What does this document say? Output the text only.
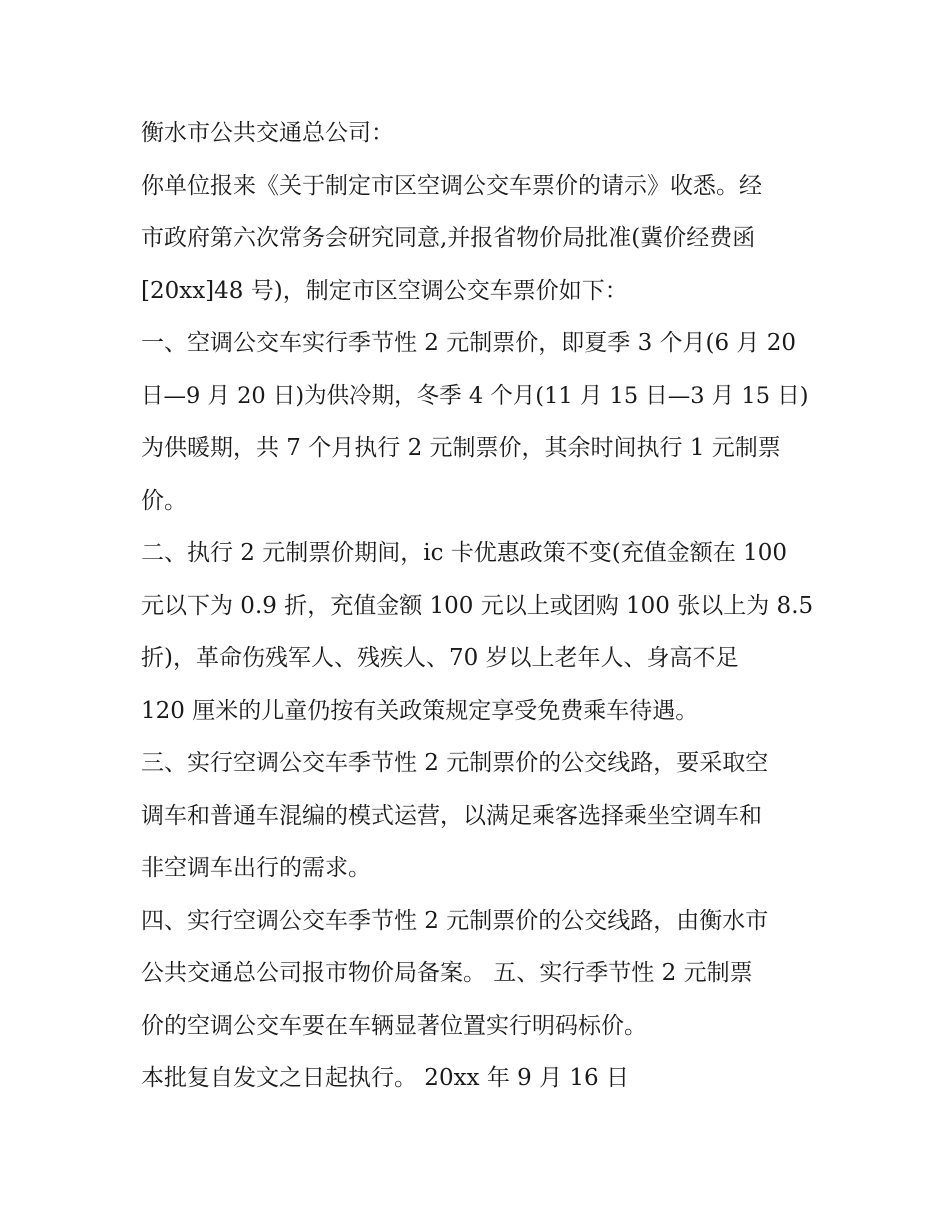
衡水市公共交通总公司：
你单位报来《关于制定市区空调公交车票价的请示》收悉。经
市政府第六次常务会研究同意,并报省物价局批准(冀价经费函
[20xx]48 号)，制定市区空调公交车票价如下：
一、空调公交车实行季节性 2 元制票价，即夏季 3 个月(6 月 20
日—9 月 20 日)为供冷期，冬季 4 个月(11 月 15 日—3 月 15 日)
为供暖期，共 7 个月执行 2 元制票价，其余时间执行 1 元制票
价。
二、执行 2 元制票价期间，ic 卡优惠政策不变(充值金额在 100
元以下为 0.9 折，充值金额 100 元以上或团购 100 张以上为 8.5
折)，革命伤残军人、残疾人、70 岁以上老年人、身高不足
120 厘米的儿童仍按有关政策规定享受免费乘车待遇。
三、实行空调公交车季节性 2 元制票价的公交线路，要采取空
调车和普通车混编的模式运营，以满足乘客选择乘坐空调车和
非空调车出行的需求。
四、实行空调公交车季节性 2 元制票价的公交线路，由衡水市
公共交通总公司报市物价局备案。 五、实行季节性 2 元制票
价的空调公交车要在车辆显著位置实行明码标价。
本批复自发文之日起执行。 20xx 年 9 月 16 日
